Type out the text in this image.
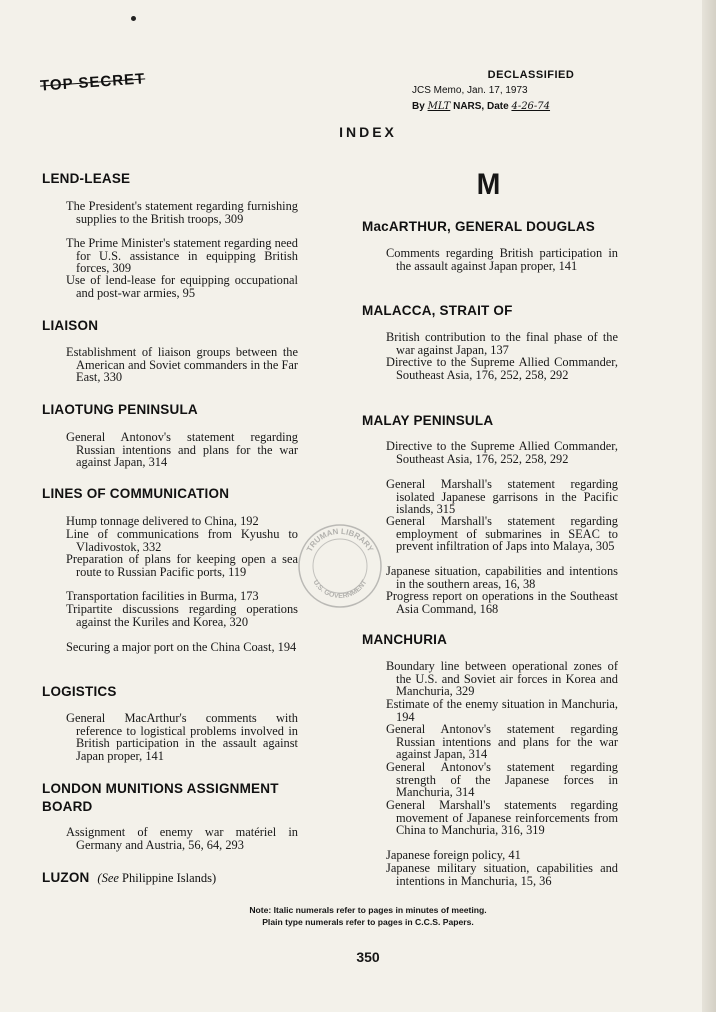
TOP SECRET	DECLASSIFIED
JCS Memo, Jan. 17, 1973
By MLT NARS, Date 4-26-74
INDEX
M
LEND-LEASE
The President's statement regarding furnishing supplies to the British troops, 309
The Prime Minister's statement regarding need for U.S. assistance in equipping British forces, 309
Use of lend-lease for equipping occupational and post-war armies, 95
LIAISON
Establishment of liaison groups between the American and Soviet commanders in the Far East, 330
LIAOTUNG PENINSULA
General Antonov's statement regarding Russian intentions and plans for the war against Japan, 314
LINES OF COMMUNICATION
Hump tonnage delivered to China, 192
Line of communications from Kyushu to Vladivostok, 332
Preparation of plans for keeping open a sea route to Russian Pacific ports, 119
Transportation facilities in Burma, 173
Tripartite discussions regarding operations against the Kuriles and Korea, 320
Securing a major port on the China Coast, 194
LOGISTICS
General MacArthur's comments with reference to logistical problems involved in British participation in the assault against Japan proper, 141
LONDON MUNITIONS ASSIGNMENT BOARD
Assignment of enemy war matériel in Germany and Austria, 56, 64, 293
LUZON (See Philippine Islands)
MacARTHUR, GENERAL DOUGLAS
Comments regarding British participation in the assault against Japan proper, 141
MALACCA, STRAIT OF
British contribution to the final phase of the war against Japan, 137
Directive to the Supreme Allied Commander, Southeast Asia, 176, 252, 258, 292
MALAY PENINSULA
Directive to the Supreme Allied Commander, Southeast Asia, 176, 252, 258, 292
General Marshall's statement regarding isolated Japanese garrisons in the Pacific islands, 315
General Marshall's statement regarding employment of submarines in SEAC to prevent infiltration of Japs into Malaya, 305
Japanese situation, capabilities and intentions in the southern areas, 16, 38
Progress report on operations in the Southeast Asia Command, 168
MANCHURIA
Boundary line between operational zones of the U.S. and Soviet air forces in Korea and Manchuria, 329
Estimate of the enemy situation in Manchuria, 194
General Antonov's statement regarding Russian intentions and plans for the war against Japan, 314
General Antonov's statement regarding strength of the Japanese forces in Manchuria, 314
General Marshall's statements regarding movement of Japanese reinforcements from China to Manchuria, 316, 319
Japanese foreign policy, 41
Japanese military situation, capabilities and intentions in Manchuria, 15, 36
TRUMAN LIBRARY
U.S. GOVERNMENT
Note: Italic numerals refer to pages in minutes of meeting.
Plain type numerals refer to pages in C.C.S. Papers.
350
